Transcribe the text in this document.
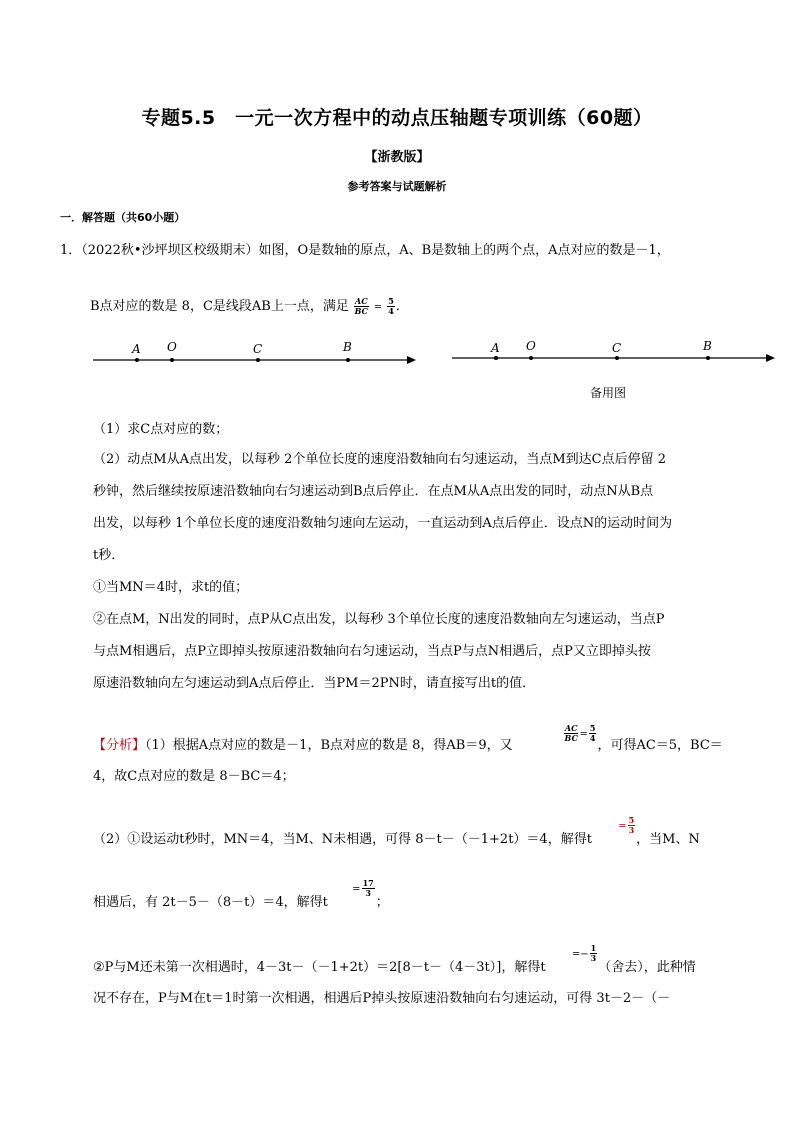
专题5.5　一元一次方程中的动点压轴题专项训练（60题）
【浙教版】
参考答案与试题解析
一．解答题（共60小题）
1．（2022秋•沙坪坝区校级期末）如图，O是数轴的原点，A、B是数轴上的两个点，A点对应的数是－1，
B点对应的数是 8，C是线段AB上一点，满足 $\frac{AC}{BC} = \frac{5}{4}$ ．
A O	C	B	A O	C	B
备用图
（1）求C点对应的数；
（2）动点M从A点出发，以每秒 2个单位长度的速度沿数轴向右匀速运动，当点M到达C点后停留 2
秒钟，然后继续按原速沿数轴向右匀速运动到B点后停止．在点M从A点出发的同时，动点N从B点
出发，以每秒 1个单位长度的速度沿数轴匀速向左运动，一直运动到A点后停止．设点N的运动时间为
t秒．
①当MN＝4时，求t的值；
②在点M，N出发的同时，点P从C点出发，以每秒 3个单位长度的速度沿数轴向左匀速运动，当点P
与点M相遇后，点P立即掉头按原速沿数轴向右匀速运动，当点P与点N相遇后，点P又立即掉头按
原速沿数轴向左匀速运动到A点后停止．当PM＝2PN时，请直接写出t的值．
【分析】（1）根据A点对应的数是－1，B点对应的数是 8，得AB＝9，又
$\frac{AC}{BC} ^= \frac{5}{4}$
，可得AC＝5，BC＝
4，故C点对应的数是 8－BC＝4；
（2）①设运动t秒时，MN＝4，当M、N未相遇，可得 8－t－（－1+2t）＝4，解得t  $^= \frac{5}{3}$
，当M、N
相遇后，有 2t－5－（8－t）＝4，解得t  $^= \frac{17}{3}$
；
②P与M还未第一次相遇时，4－3t－（－1+2t）＝2[8－t－（4－3t）]，解得t  $^{=-} \frac{1}{3}$
（舍去），此种情
况不存在，P与M在t＝1时第一次相遇，相遇后P掉头按原速沿数轴向右匀速运动，可得 3t－2－（－
